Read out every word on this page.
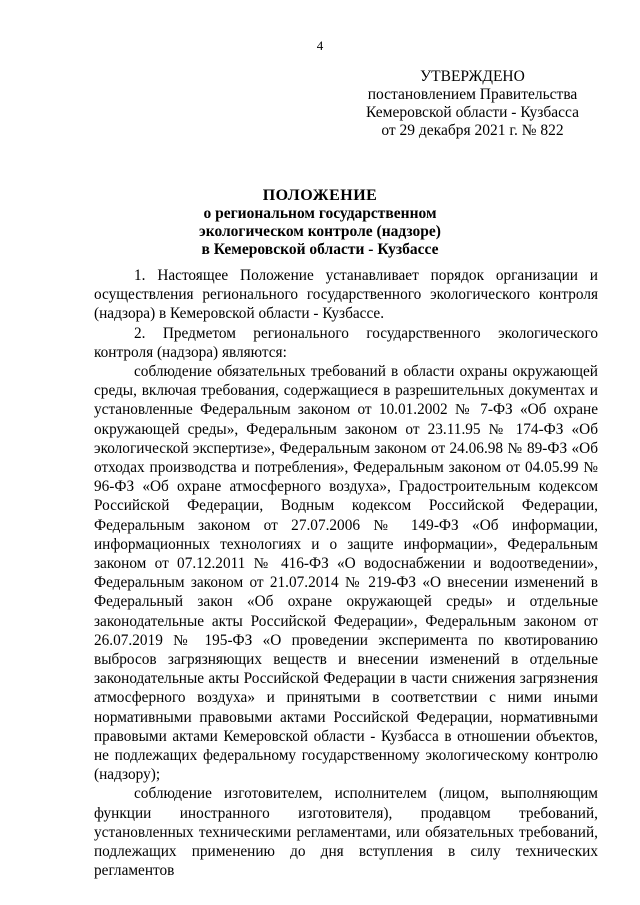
4
УТВЕРЖДЕНО
постановлением Правительства
Кемеровской области - Кузбасса
от 29 декабря 2021 г. № 822
ПОЛОЖЕНИЕ
о региональном государственном
экологическом контроле (надзоре)
в Кемеровской области - Кузбассе

1. Настоящее Положение устанавливает порядок организации и осуществления регионального государственного экологического контроля (надзора) в Кемеровской области - Кузбассе.

2. Предметом регионального государственного экологического контроля (надзора) являются:

соблюдение обязательных требований в области охраны окружающей среды, включая требования, содержащиеся в разрешительных документах и установленные Федеральным законом от 10.01.2002 № 7-ФЗ «Об охране окружающей среды», Федеральным законом от 23.11.95 № 174-ФЗ «Об экологической экспертизе», Федеральным законом от 24.06.98 № 89-ФЗ «Об отходах производства и потребления», Федеральным законом от 04.05.99 № 96-ФЗ «Об охране атмосферного воздуха», Градостроительным кодексом Российской Федерации, Водным кодексом Российской Федерации, Федеральным законом от 27.07.2006 № 149-ФЗ «Об информации, информационных технологиях и о защите информации», Федеральным законом от 07.12.2011 № 416-ФЗ «О водоснабжении и водоотведении», Федеральным законом от 21.07.2014 № 219-ФЗ «О внесении изменений в Федеральный закон «Об охране окружающей среды» и отдельные законодательные акты Российской Федерации», Федеральным законом от 26.07.2019 № 195-ФЗ «О проведении эксперимента по квотированию выбросов загрязняющих веществ и внесении изменений в отдельные законодательные акты Российской Федерации в части снижения загрязнения атмосферного воздуха» и принятыми в соответствии с ними иными нормативными правовыми актами Российской Федерации, нормативными правовыми актами Кемеровской области - Кузбасса в отношении объектов, не подлежащих федеральному государственному экологическому контролю (надзору);

соблюдение изготовителем, исполнителем (лицом, выполняющим функции иностранного изготовителя), продавцом требований, установленных техническими регламентами, или обязательных требований, подлежащих применению до дня вступления в силу технических регламентов
